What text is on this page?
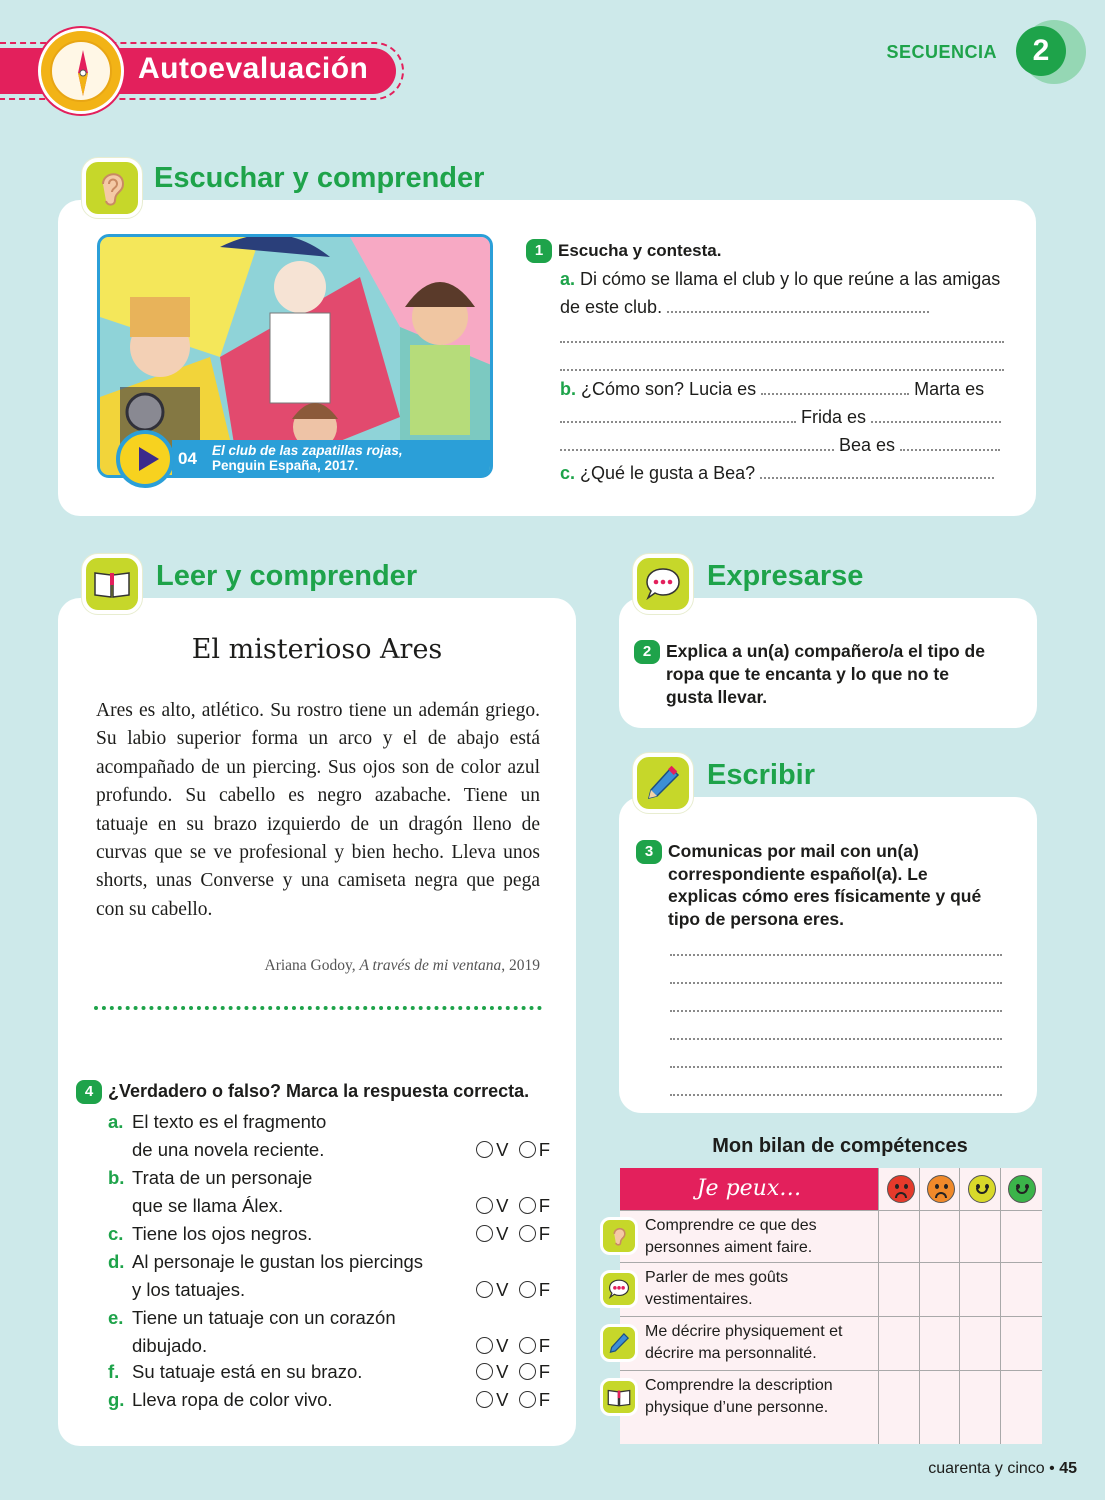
Autoevaluación	SECUENCIA	2
Escuchar y comprender
04 El club de las zapatillas rojas,
Penguin España, 2017.
1 Escucha y contesta.
a. Di cómo se llama el club y lo que reúne a las amigas de este club.
b. ¿Cómo son? Lucia es	Marta es
Frida es
Bea es
c. ¿Qué le gusta a Bea?
Leer y comprender
El misterioso Ares
Ares es alto, atlético. Su rostro tiene un ademán griego. Su labio superior forma un arco y el de abajo está acompañado de un piercing. Sus ojos son de color azul profundo. Su cabello es negro azabache. Tiene un tatuaje en su brazo izquierdo de un dragón lleno de curvas que se ve profesional y bien hecho. Lleva unos shorts, unas Converse y una camiseta negra que pega con su cabello.
Ariana Godoy, A través de mi ventana, 2019
4 ¿Verdadero o falso? Marca la respuesta correcta.
a. El texto es el fragmento
de una novela reciente.	V F
b. Trata de un personaje
que se llama Álex.	V F
c. Tiene los ojos negros.	V F
d. Al personaje le gustan los piercings
y los tatuajes.	V F
e. Tiene un tatuaje con un corazón
dibujado.	V F
f. Su tatuaje está en su brazo.	V F
g. Lleva ropa de color vivo.	V F
Expresarse
2 Explica a un(a) compañero/a el tipo de ropa que te encanta y lo que no te gusta llevar.
Escribir
3 Comunicas por mail con un(a) correspondiente español(a). Le explicas cómo eres físicamente y qué tipo de persona eres.
Mon bilan de compétences
Je peux…
Comprendre ce que des personnes aiment faire.
Parler de mes goûts vestimentaires.
Me décrire physiquement et décrire ma personnalité.
Comprendre la description physique d’une personne.
cuarenta y cinco • 45
